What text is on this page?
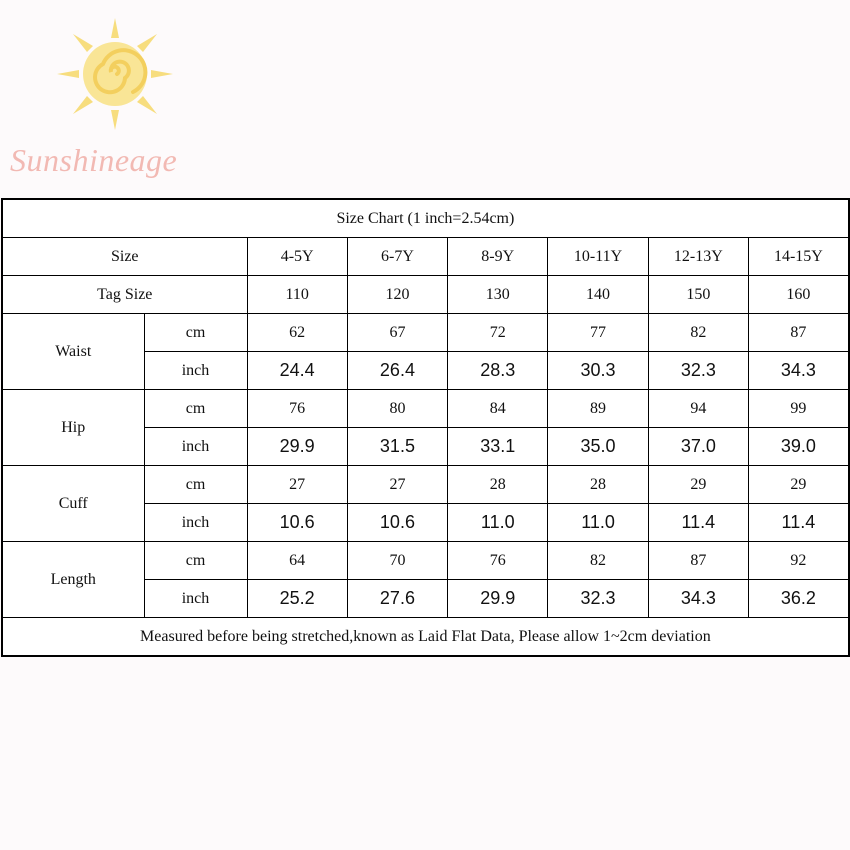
Sunshineage
Size Chart (1 inch=2.54cm)							
Size		4-5Y	6-7Y	8-9Y	10-11Y	12-13Y	14-15Y
Tag Size		110	120	130	140	150	160
Waist	cm	62	67	72	77	82	87
	inch	24.4	26.4	28.3	30.3	32.3	34.3
Hip	cm	76	80	84	89	94	99
	inch	29.9	31.5	33.1	35.0	37.0	39.0
Cuff	cm	27	27	28	28	29	29
	inch	10.6	10.6	11.0	11.0	11.4	11.4
Length	cm	64	70	76	82	87	92
	inch	25.2	27.6	29.9	32.3	34.3	36.2
Measured before being stretched,known as Laid Flat Data, Please allow 1~2cm deviation							
